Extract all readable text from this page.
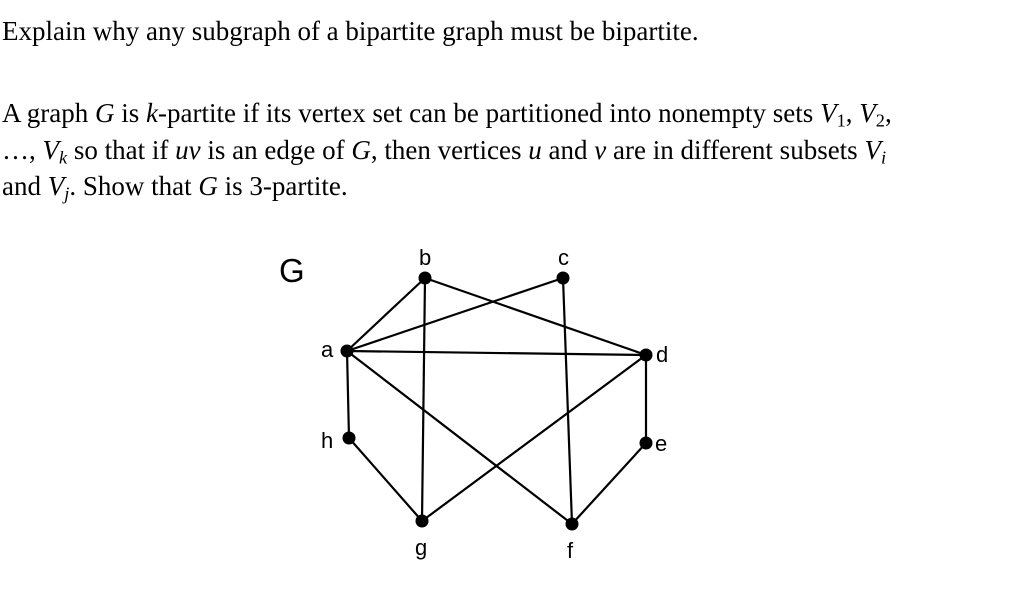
Explain why any subgraph of a bipartite graph must be bipartite.
A graph G is k-partite if its vertex set can be partitioned into nonempty sets $V_1$, $V_2$,
…, $V_k$ so that if uv is an edge of G, then vertices u and v are in different subsets $V_i$
and $V_j$. Show that G is 3-partite.
G
a
b	c
d
e
f
g
h
